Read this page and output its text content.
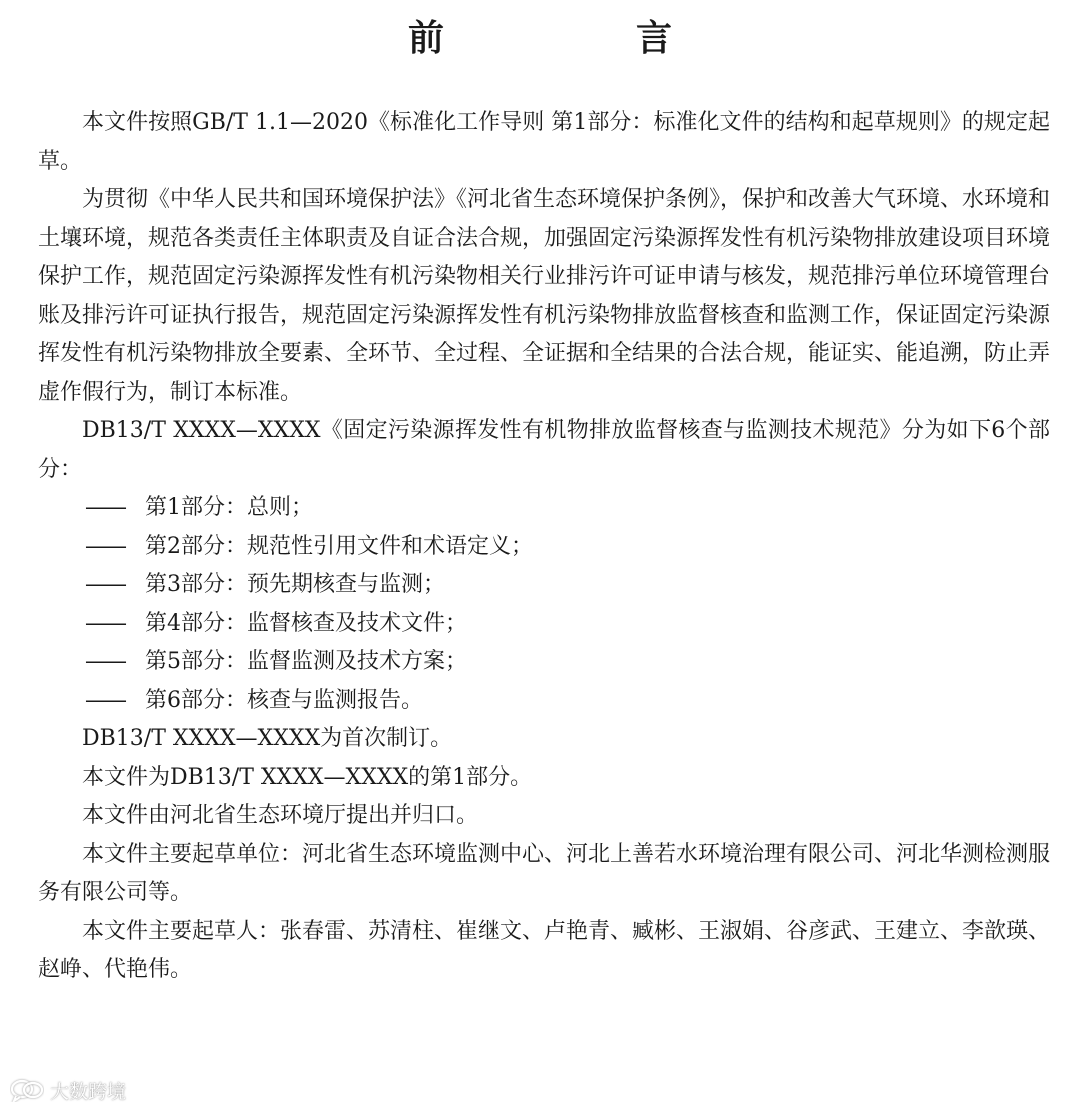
前　言

本文件按照GB/T 1.1—2020《标准化工作导则 第1部分：标准化文件的结构和起草规则》的规定起草。

为贯彻《中华人民共和国环境保护法》《河北省生态环境保护条例》，保护和改善大气环境、水环境和土壤环境，规范各类责任主体职责及自证合法合规，加强固定污染源挥发性有机污染物排放建设项目环境保护工作，规范固定污染源挥发性有机污染物相关行业排污许可证申请与核发，规范排污单位环境管理台账及排污许可证执行报告，规范固定污染源挥发性有机污染物排放监督核查和监测工作，保证固定污染源挥发性有机污染物排放全要素、全环节、全过程、全证据和全结果的合法合规，能证实、能追溯，防止弄虚作假行为，制订本标准。

DB13/T XXXX—XXXX《固定污染源挥发性有机物排放监督核查与监测技术规范》分为如下6个部分：

—— 第1部分：总则；
—— 第2部分：规范性引用文件和术语定义；
—— 第3部分：预先期核查与监测；
—— 第4部分：监督核查及技术文件；
—— 第5部分：监督监测及技术方案；
—— 第6部分：核查与监测报告。

DB13/T XXXX—XXXX为首次制订。

本文件为DB13/T XXXX—XXXX的第1部分。

本文件由河北省生态环境厅提出并归口。

本文件主要起草单位：河北省生态环境监测中心、河北上善若水环境治理有限公司、河北华测检测服务有限公司等。

本文件主要起草人：张春雷、苏清柱、崔继文、卢艳青、臧彬、王淑娟、谷彦武、王建立、李歆瑛、赵峥、代艳伟。

大数跨境
